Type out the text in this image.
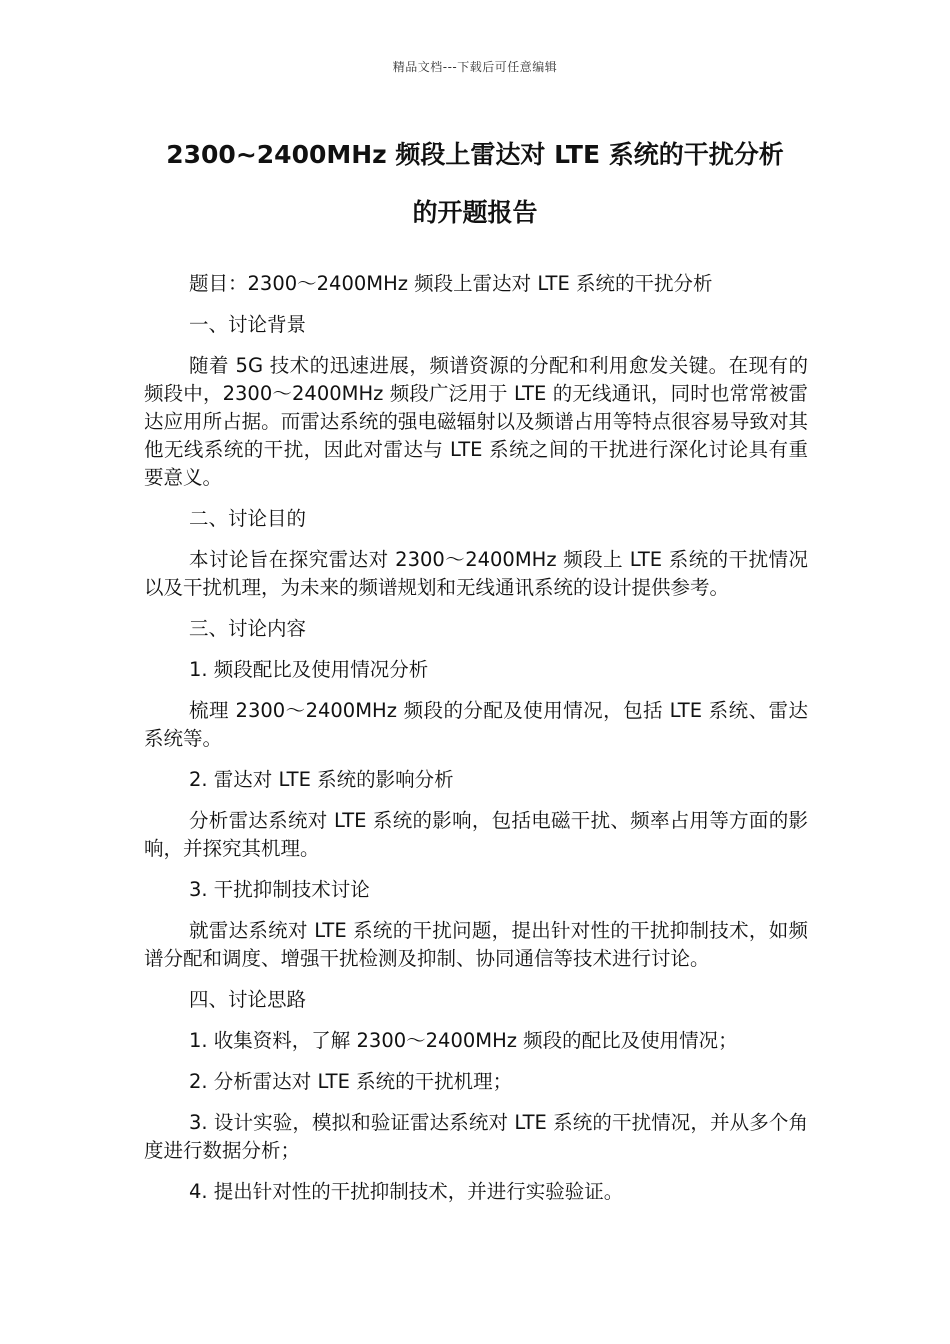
精品文档---下载后可任意编辑
2300~2400MHz 频段上雷达对 LTE 系统的干扰分析
的开题报告

题目：2300～2400MHz 频段上雷达对 LTE 系统的干扰分析

一、讨论背景

随着 5G 技术的迅速进展，频谱资源的分配和利用愈发关键。在现有的频段中，2300～2400MHz 频段广泛用于 LTE 的无线通讯，同时也常常被雷达应用所占据。而雷达系统的强电磁辐射以及频谱占用等特点很容易导致对其他无线系统的干扰，因此对雷达与 LTE 系统之间的干扰进行深化讨论具有重要意义。

二、讨论目的

本讨论旨在探究雷达对 2300～2400MHz 频段上 LTE 系统的干扰情况以及干扰机理，为未来的频谱规划和无线通讯系统的设计提供参考。

三、讨论内容

1. 频段配比及使用情况分析

梳理 2300～2400MHz 频段的分配及使用情况，包括 LTE 系统、雷达系统等。

2. 雷达对 LTE 系统的影响分析

分析雷达系统对 LTE 系统的影响，包括电磁干扰、频率占用等方面的影响，并探究其机理。

3. 干扰抑制技术讨论

就雷达系统对 LTE 系统的干扰问题，提出针对性的干扰抑制技术，如频谱分配和调度、增强干扰检测及抑制、协同通信等技术进行讨论。

四、讨论思路

1. 收集资料，了解 2300～2400MHz 频段的配比及使用情况；

2. 分析雷达对 LTE 系统的干扰机理；

3. 设计实验，模拟和验证雷达系统对 LTE 系统的干扰情况，并从多个角度进行数据分析；

4. 提出针对性的干扰抑制技术，并进行实验验证。
